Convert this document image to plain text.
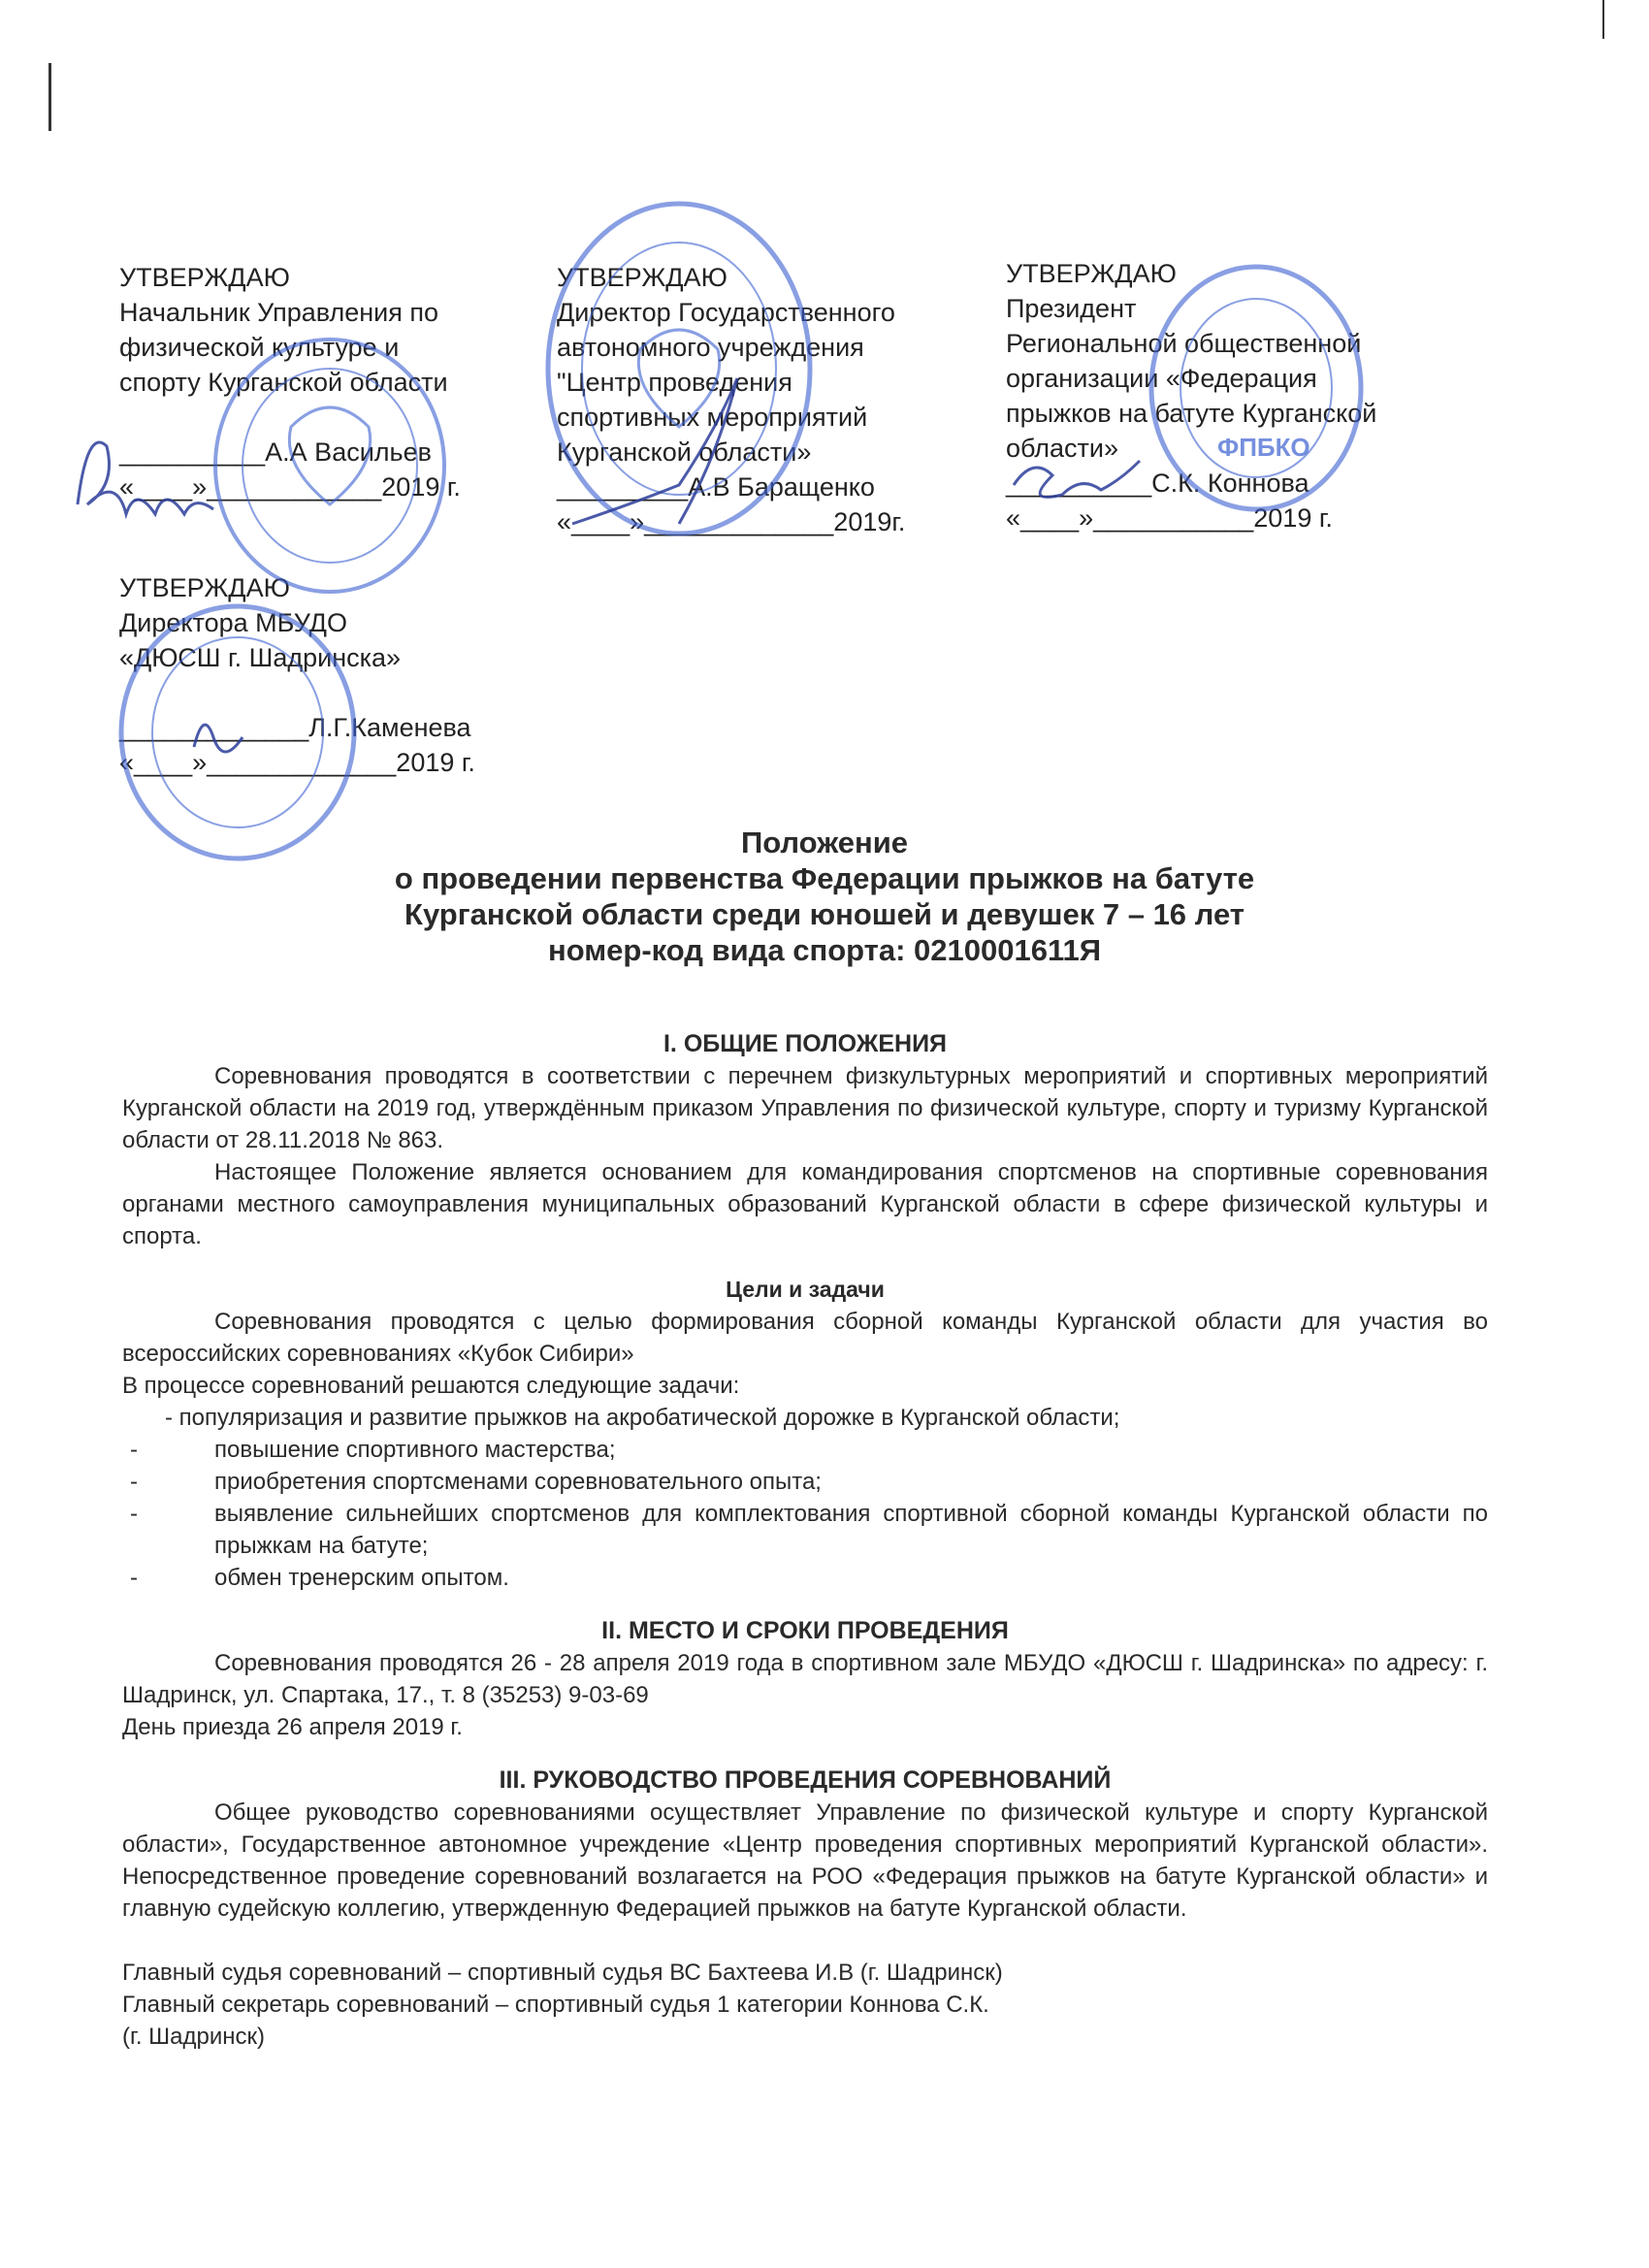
УТВЕРЖДАЮ
Начальник Управления по
физической культуре и
спорту Курганской области
__________А.А Васильев
«____»____________2019 г.
УТВЕРЖДАЮ
Директор Государственного
автономного учреждения
"Центр проведения
спортивных мероприятий
Курганской области»
_________А.В Баращенко
«____»_____________2019г.
УТВЕРЖДАЮ
Президент
Региональной общественной
организации «Федерация
прыжков на батуте Курганской
области»
__________С.К. Коннова
«____»___________2019 г.
УТВЕРЖДАЮ
Директора МБУДО
«ДЮСШ г. Шадринска»
_____________Л.Г.Каменева
«____»_____________2019 г.
ФПБКО
Положение
о проведении первенства Федерации прыжков на батуте
Курганской области среди юношей и девушек 7 – 16 лет
номер-код вида спорта: 0210001611Я

I. ОБЩИЕ ПОЛОЖЕНИЯ

Соревнования проводятся в соответствии с перечнем физкультурных мероприятий и спортивных мероприятий Курганской области на 2019 год, утверждённым приказом Управления по физической культуре, спорту и туризму Курганской области от 28.11.2018 № 863.

Настоящее Положение является основанием для командирования спортсменов на спортивные соревнования органами местного самоуправления муниципальных образований Курганской области в сфере физической культуры и спорта.

Цели и задачи

Соревнования проводятся с целью формирования сборной команды Курганской области для участия во всероссийских соревнованиях «Кубок Сибири»

В процессе соревнований решаются следующие задачи:

- популяризация и развитие прыжков на акробатической дорожке в Курганской области;

-	повышение спортивного мастерства;
-	приобретения спортсменами соревновательного опыта;
-	выявление сильнейших спортсменов для комплектования спортивной сборной команды Курганской области по прыжкам на батуте;
-	обмен тренерским опытом.

II. МЕСТО И СРОКИ ПРОВЕДЕНИЯ

Соревнования проводятся 26 - 28 апреля 2019 года в спортивном зале МБУДО «ДЮСШ г. Шадринска» по адресу: г. Шадринск, ул. Спартака, 17., т. 8 (35253) 9-03-69

День приезда 26 апреля 2019 г.

III. РУКОВОДСТВО ПРОВЕДЕНИЯ СОРЕВНОВАНИЙ

Общее руководство соревнованиями осуществляет Управление по физической культуре и спорту Курганской области», Государственное автономное учреждение «Центр проведения спортивных мероприятий Курганской области». Непосредственное проведение соревнований возлагается на РОО «Федерация прыжков на батуте Курганской области» и главную судейскую коллегию, утвержденную Федерацией прыжков на батуте Курганской области.

Главный судья соревнований – спортивный судья ВС Бахтеева И.В (г. Шадринск)

Главный секретарь соревнований – спортивный судья 1 категории Коннова С.К.

(г. Шадринск)
